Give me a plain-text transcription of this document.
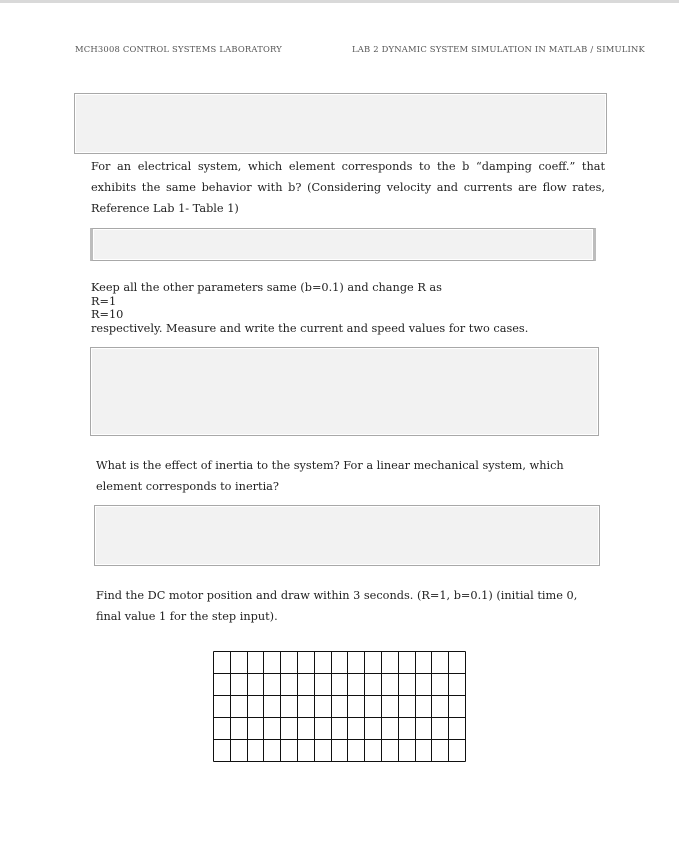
MCH3008 CONTROL SYSTEMS LABORATORY	LAB 2 DYNAMIC SYSTEM SIMULATION IN MATLAB / SIMULINK
For an electrical system, which element corresponds to the b “damping coeff.” that exhibits the same behavior with b? (Considering velocity and currents are flow rates, Reference Lab 1- Table 1)
Keep all the other parameters same (b=0.1) and change R as
R=1
R=10
respectively. Measure and write the current and speed values for two cases.
What is the effect of inertia to the system? For a linear mechanical system, which element corresponds to inertia?
Find the DC motor position and draw within 3 seconds. (R=1, b=0.1) (initial time 0, final value 1 for the step input).
